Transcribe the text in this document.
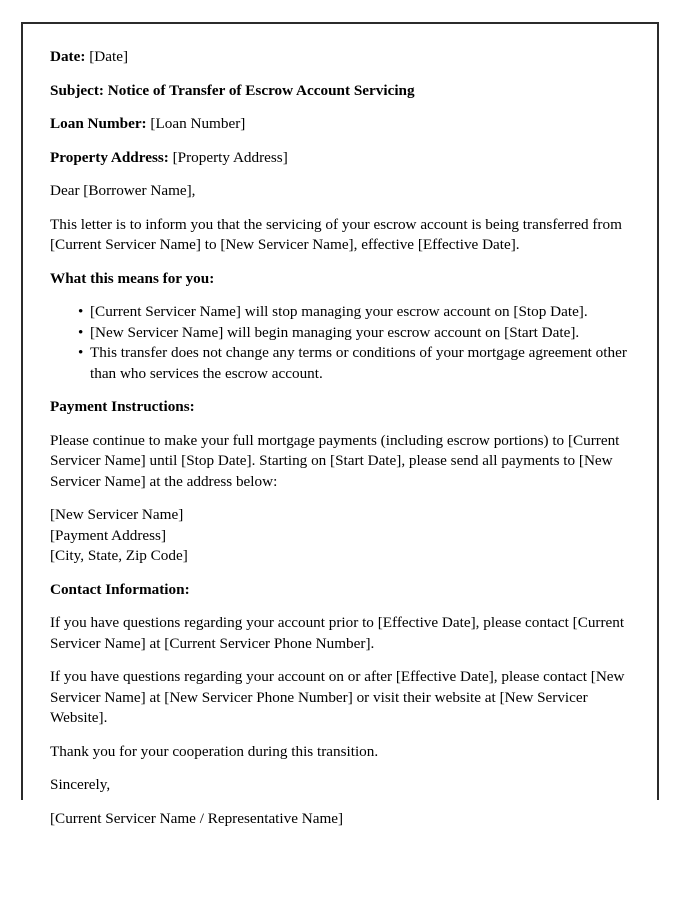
Date: [Date]

Subject: Notice of Transfer of Escrow Account Servicing

Loan Number: [Loan Number]

Property Address: [Property Address]

Dear [Borrower Name],

This letter is to inform you that the servicing of your escrow account is being transferred from [Current Servicer Name] to [New Servicer Name], effective [Effective Date].

What this means for you:

• [Current Servicer Name] will stop managing your escrow account on [Stop Date].
• [New Servicer Name] will begin managing your escrow account on [Start Date].
• This transfer does not change any terms or conditions of your mortgage agreement other than who services the escrow account.

Payment Instructions:

Please continue to make your full mortgage payments (including escrow portions) to [Current Servicer Name] until [Stop Date]. Starting on [Start Date], please send all payments to [New Servicer Name] at the address below:

[New Servicer Name]
[Payment Address]
[City, State, Zip Code]

Contact Information:

If you have questions regarding your account prior to [Effective Date], please contact [Current Servicer Name] at [Current Servicer Phone Number].

If you have questions regarding your account on or after [Effective Date], please contact [New Servicer Name] at [New Servicer Phone Number] or visit their website at [New Servicer Website].

Thank you for your cooperation during this transition.

Sincerely,

[Current Servicer Name / Representative Name]
